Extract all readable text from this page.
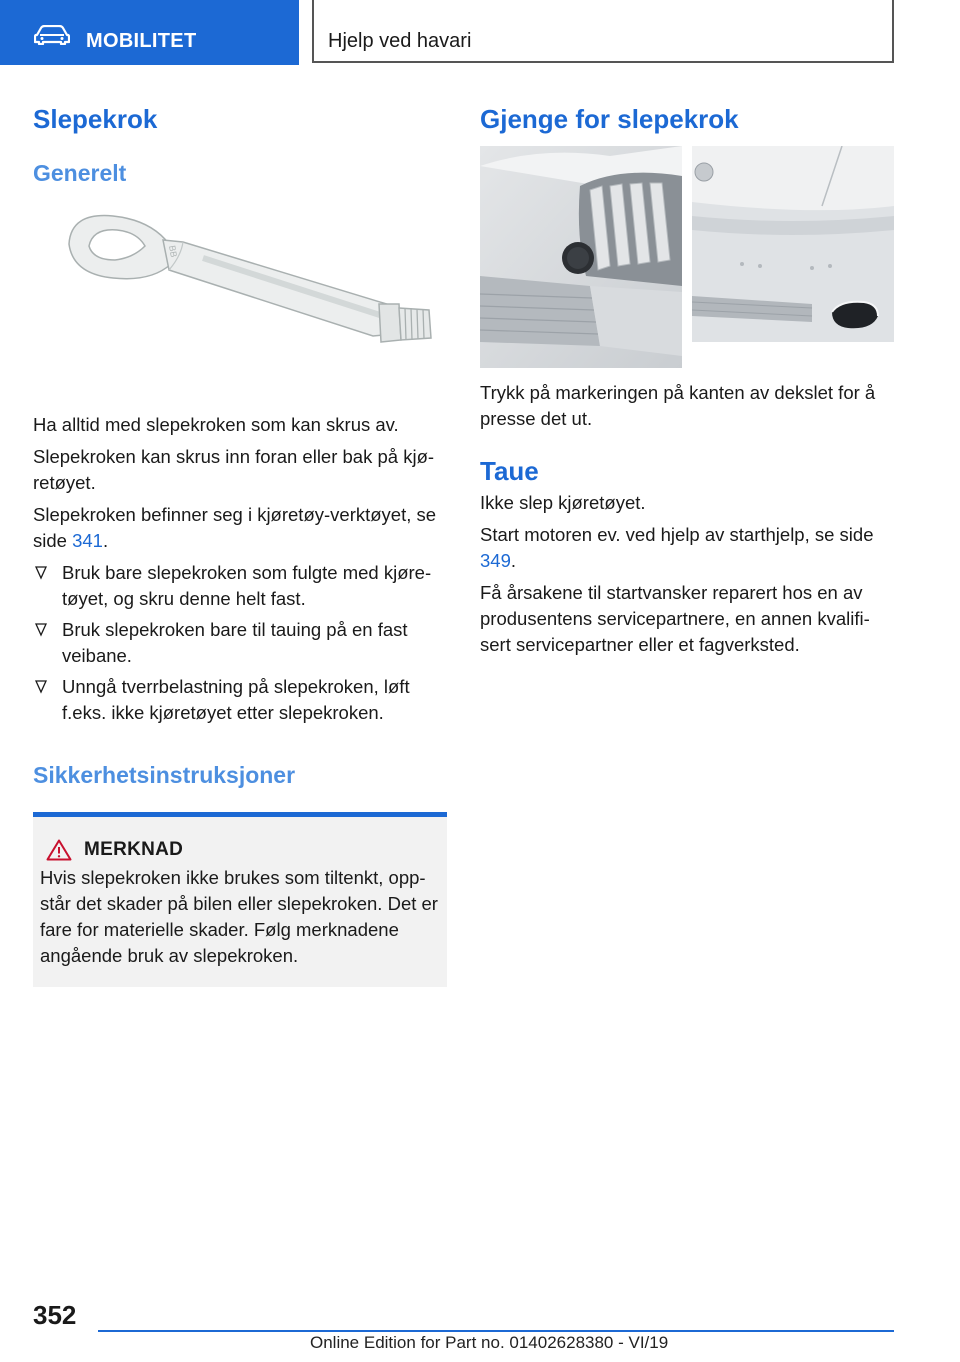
MOBILITET	Hjelp ved havari
Slepekrok
Generelt
BB

Ha alltid med slepekroken som kan skrus av.

Slepekroken kan skrus inn foran eller bak på kjø‐retøyet.

Slepekroken befinner seg i kjøretøy-verktøyet, se side 341.

Bruk bare slepekroken som fulgte med kjøre‐tøyet, og skru denne helt fast.
Bruk slepekroken bare til tauing på en fast veibane.
Unngå tverrbelastning på slepekroken, løft f.eks. ikke kjøretøyet etter slepekroken.
Sikkerhetsinstruksjoner
MERKNAD

Hvis slepekroken ikke brukes som tiltenkt, opp‐står det skader på bilen eller slepekroken. Det er fare for materielle skader. Følg merknadene angående bruk av slepekroken.

Gjenge for slepekrok

Trykk på markeringen på kanten av dekslet for å presse det ut.

Taue

Ikke slep kjøretøyet.

Start motoren ev. ved hjelp av starthjelp, se side 349.

Få årsakene til startvansker reparert hos en av produsentens servicepartnere, en annen kvalifi‐sert servicepartner eller et fagverksted.

352
Online Edition for Part no. 01402628380 - VI/19
